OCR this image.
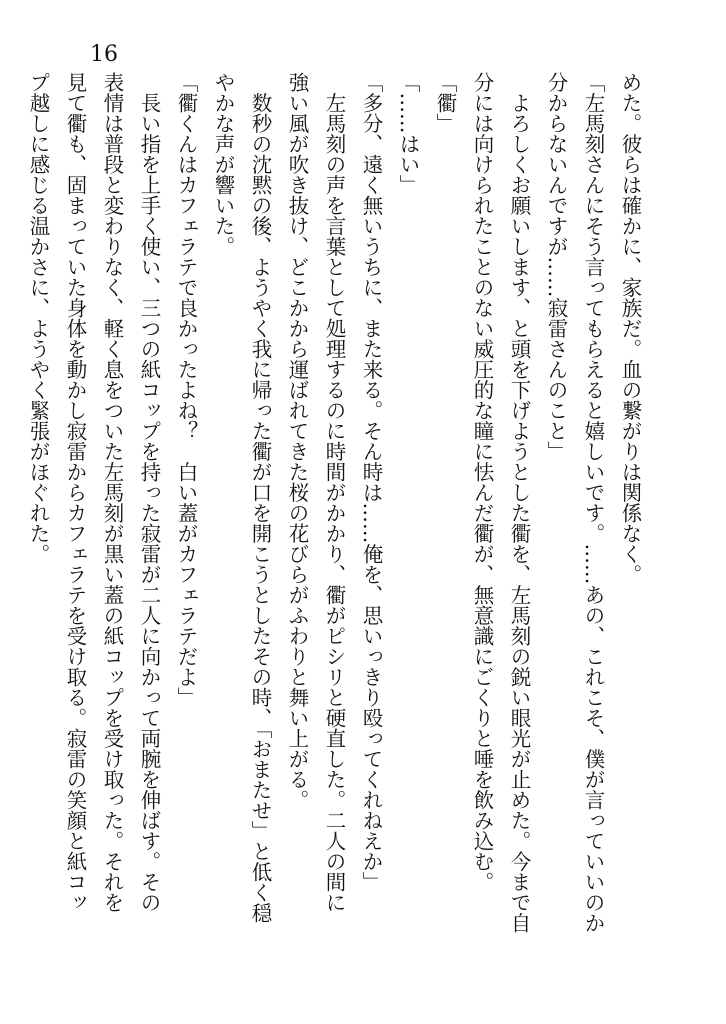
16
めた。彼らは確かに、家族だ。血の繋がりは関係なく。
「左馬刻さんにそう言ってもらえると嬉しいです。……あの、これこそ、僕が言っていいのか
分からないんですが……寂雷さんのこと」
　よろしくお願いします、と頭を下げようとした衢を、左馬刻の鋭い眼光が止めた。今まで自
分には向けられたことのない威圧的な瞳に怯んだ衢が、無意識にごくりと唾を飲み込む。
「衢」
「……はい」
「多分、遠く無いうちに、また来る。そん時は……俺を、思いっきり殴ってくれねえか」
　左馬刻の声を言葉として処理するのに時間がかかり、衢がピシリと硬直した。二人の間に
強い風が吹き抜け、どこかから運ばれてきた桜の花びらがふわりと舞い上がる。
　数秒の沈黙の後、ようやく我に帰った衢が口を開こうとしたその時、「おまたせ」と低く穏
やかな声が響いた。
「衢くんはカフェラテで良かったよね？　白い蓋がカフェラテだよ」
　長い指を上手く使い、三つの紙コップを持った寂雷が二人に向かって両腕を伸ばす。その
表情は普段と変わりなく、軽く息をついた左馬刻が黒い蓋の紙コップを受け取った。それを
見て衢も、固まっていた身体を動かし寂雷からカフェラテを受け取る。寂雷の笑顔と紙コッ
プ越しに感じる温かさに、ようやく緊張がほぐれた。
